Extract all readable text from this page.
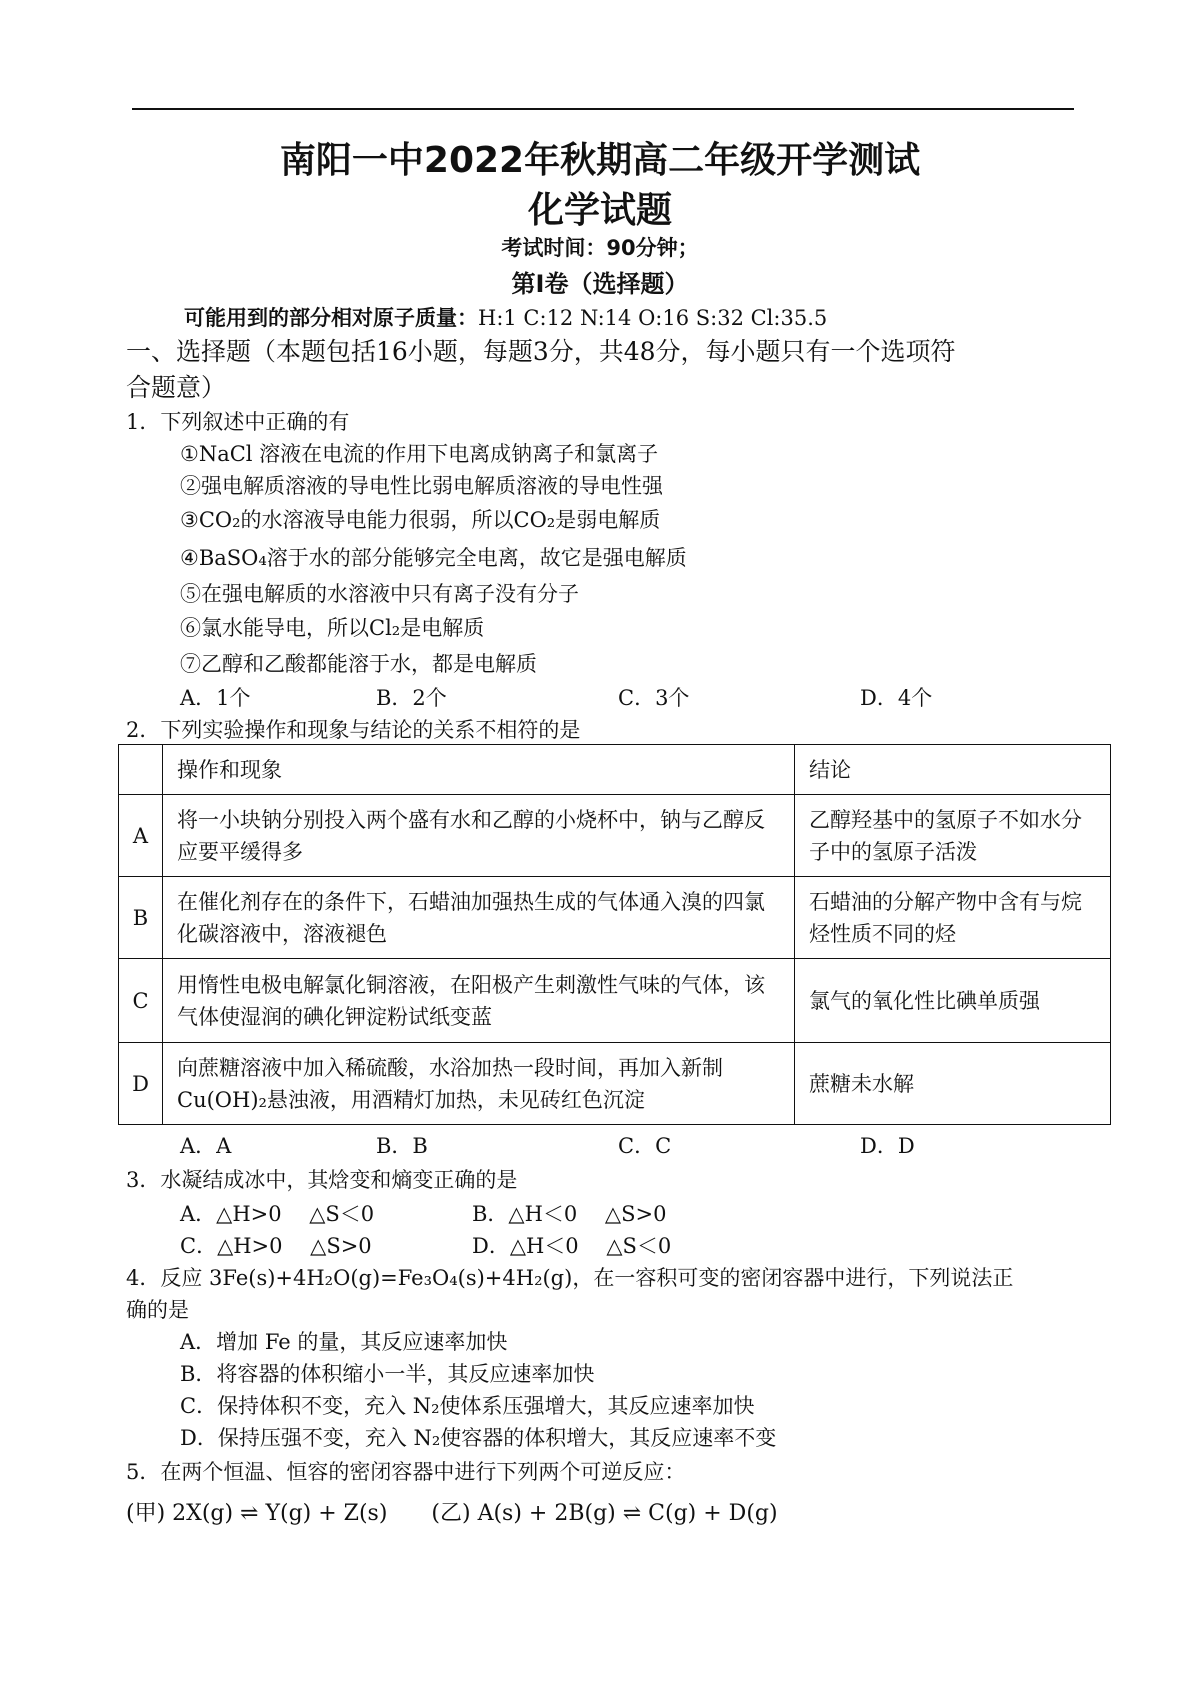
南阳一中2022年秋期高二年级开学测试
化学试题
考试时间：90分钟；
第Ⅰ卷（选择题）
可能用到的部分相对原子质量：H:1 C:12 N:14 O:16 S:32 Cl:35.5
一、选择题（本题包括16小题，每题3分，共48分，每小题只有一个选项符
合题意）
1．下列叙述中正确的有
①NaCl 溶液在电流的作用下电离成钠离子和氯离子
②强电解质溶液的导电性比弱电解质溶液的导电性强
③CO₂的水溶液导电能力很弱，所以CO₂是弱电解质
④BaSO₄溶于水的部分能够完全电离，故它是强电解质
⑤在强电解质的水溶液中只有离子没有分子
⑥氯水能导电，所以Cl₂是电解质
⑦乙醇和乙酸都能溶于水，都是电解质
A．1个	B．2个	C．3个	D．4个
2．下列实验操作和现象与结论的关系不相符的是
	操作和现象	结论
A	将一小块钠分别投入两个盛有水和乙醇的小烧杯中，钠与乙醇反应要平缓得多	乙醇羟基中的氢原子不如水分子中的氢原子活泼
B	在催化剂存在的条件下，石蜡油加强热生成的气体通入溴的四氯化碳溶液中，溶液褪色	石蜡油的分解产物中含有与烷烃性质不同的烃
C	用惰性电极电解氯化铜溶液，在阳极产生刺激性气味的气体，该气体使湿润的碘化钾淀粉试纸变蓝	氯气的氧化性比碘单质强
D	向蔗糖溶液中加入稀硫酸，水浴加热一段时间，再加入新制 Cu(OH)₂悬浊液，用酒精灯加热，未见砖红色沉淀	蔗糖未水解
A．A	B．B	C．C	D．D
3．水凝结成冰中，其焓变和熵变正确的是
A．△H>0　 △S＜0	B．△H＜0　 △S>0
C．△H>0　 △S>0	D．△H＜0　 △S＜0
4．反应 3Fe(s)+4H₂O(g)=Fe₃O₄(s)+4H₂(g)，在一容积可变的密闭容器中进行，下列说法正
确的是
A．增加 Fe 的量，其反应速率加快
B．将容器的体积缩小一半，其反应速率加快
C．保持体积不变，充入 N₂使体系压强增大，其反应速率加快
D．保持压强不变，充入 N₂使容器的体积增大，其反应速率不变
5．在两个恒温、恒容的密闭容器中进行下列两个可逆反应：
(甲) 2X(g) ⇌ Y(g) + Z(s)　　(乙) A(s) + 2B(g) ⇌ C(g) + D(g)
